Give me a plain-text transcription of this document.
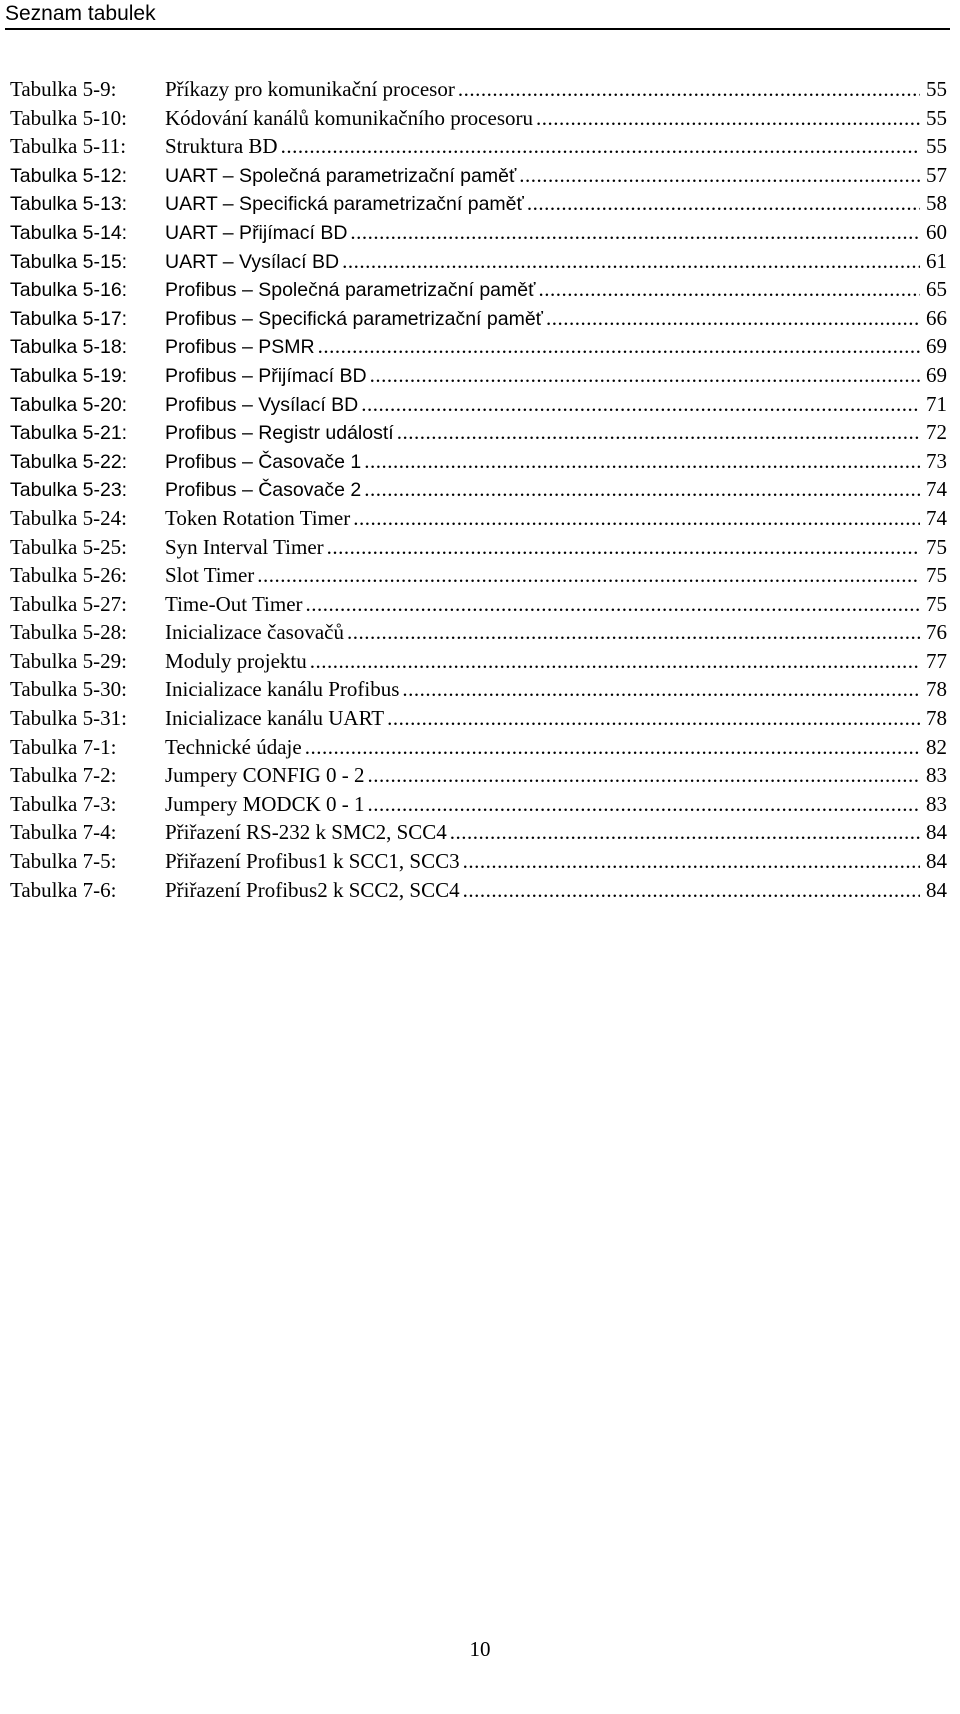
Seznam tabulek
Tabulka 5-9:	Příkazy pro komunikační procesor .....	55
Tabulka 5-10:	Kódování kanálů komunikačního procesoru .....	55
Tabulka 5-11:	Struktura BD .....	55
Tabulka 5-12:	UART – Společná parametrizační paměť .....	57
Tabulka 5-13:	UART – Specifická parametrizační paměť .....	58
Tabulka 5-14:	UART – Přijímací BD .....	60
Tabulka 5-15:	UART – Vysílací BD .....	61
Tabulka 5-16:	Profibus – Společná parametrizační paměť .....	65
Tabulka 5-17:	Profibus – Specifická parametrizační paměť .....	66
Tabulka 5-18:	Profibus – PSMR .....	69
Tabulka 5-19:	Profibus – Přijímací BD .....	69
Tabulka 5-20:	Profibus – Vysílací BD .....	71
Tabulka 5-21:	Profibus – Registr událostí .....	72
Tabulka 5-22:	Profibus – Časovače 1 .....	73
Tabulka 5-23:	Profibus – Časovače 2 .....	74
Tabulka 5-24:	Token Rotation Timer .....	74
Tabulka 5-25:	Syn Interval Timer .....	75
Tabulka 5-26:	Slot Timer .....	75
Tabulka 5-27:	Time-Out Timer .....	75
Tabulka 5-28:	Inicializace časovačů .....	76
Tabulka 5-29:	Moduly projektu .....	77
Tabulka 5-30:	Inicializace kanálu Profibus .....	78
Tabulka 5-31:	Inicializace kanálu UART .....	78
Tabulka 7-1:	Technické údaje .....	82
Tabulka 7-2:	Jumpery CONFIG 0 - 2 .....	83
Tabulka 7-3:	Jumpery MODCK 0 - 1 .....	83
Tabulka 7-4:	Přiřazení RS-232 k SMC2, SCC4 .....	84
Tabulka 7-5:	Přiřazení Profibus1 k SCC1, SCC3 .....	84
Tabulka 7-6:	Přiřazení Profibus2 k SCC2, SCC4 .....	84
10
